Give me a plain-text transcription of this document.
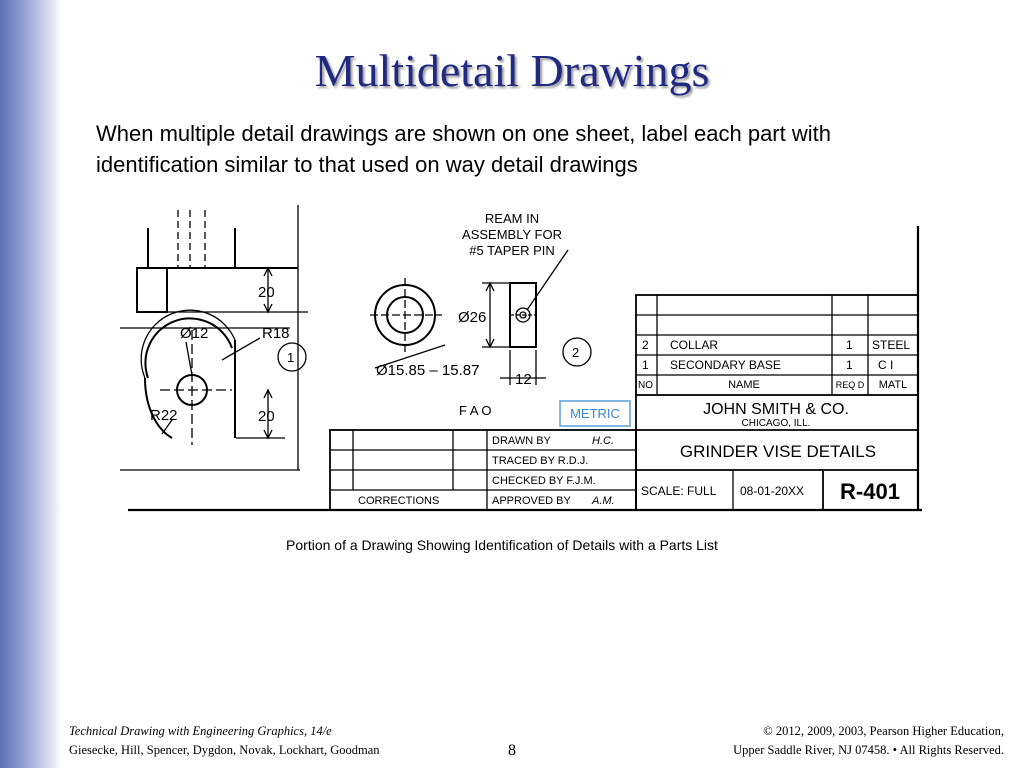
Multidetail Drawings
When multiple detail drawings are shown on one sheet, label each part with
identification similar to that used on way detail drawings
20
Ø12	R18
R22	20
1
Ø26
Ø15.85 – 15.87
12
2
REAM IN
ASSEMBLY FOR
#5 TAPER PIN
F A O	METRIC
2 COLLAR	1 STEEL
1 SECONDARY BASE	1 C I
NO	NAME	REQ D MATL
JOHN SMITH & CO.
CHICAGO, ILL.
GRINDER VISE DETAILS
DRAWN BY	H.C.
TRACED BY R.D.J.
CHECKED BY F.J.M.
APPROVED BY A.M.
CORRECTIONS
SCALE: FULL 08-01-20XX R-401
Portion of a Drawing Showing Identification of Details with a Parts List
Technical Drawing with Engineering Graphics, 14/e
Giesecke, Hill, Spencer, Dygdon, Novak, Lockhart, Goodman	8
© 2012, 2009, 2003, Pearson Higher Education,
Upper Saddle River, NJ 07458. • All Rights Reserved.
